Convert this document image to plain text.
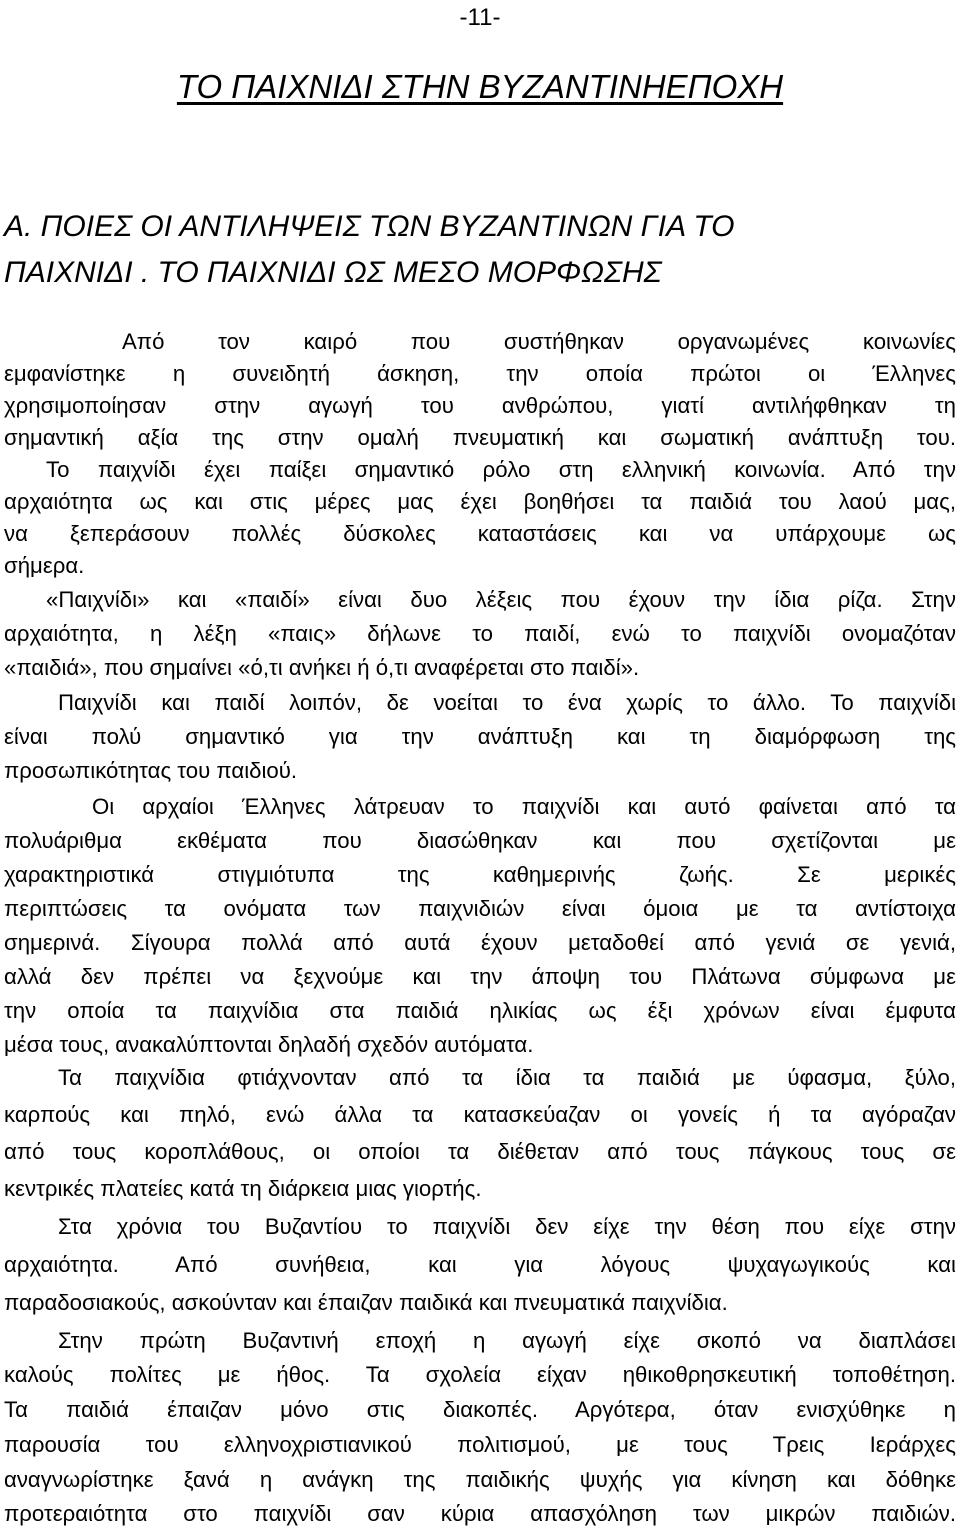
-11-
ΤΟ ΠΑΙΧΝΙΔΙ ΣΤΗΝ ΒΥΖΑΝΤΙΝΗΕΠΟΧΗ
Α. ΠΟΙΕΣ ΟΙ ΑΝΤΙΛΗΨΕΙΣ ΤΩΝ ΒΥΖΑΝΤΙΝΩΝ ΓΙΑ ΤΟ
ΠΑΙΧΝΙΔΙ . ΤΟ ΠΑΙΧΝΙΔΙ ΩΣ ΜΕΣΟ ΜΟΡΦΩΣΗΣ
Από τον καιρό που συστήθηκαν οργανωμένες κοινωνίες
εμφανίστηκε η συνειδητή άσκηση, την οποία πρώτοι οι Έλληνες
χρησιμοποίησαν στην αγωγή του ανθρώπου, γιατί αντιλήφθηκαν τη
σημαντική αξία της στην ομαλή πνευματική και σωματική ανάπτυξη του.
Το παιχνίδι έχει παίξει σημαντικό ρόλο στη ελληνική κοινωνία. Από την
αρχαιότητα ως και στις μέρες μας έχει βοηθήσει τα παιδιά του λαού μας,
να ξεπεράσουν πολλές δύσκολες καταστάσεις και να υπάρχουμε ως
σήμερα.
«Παιχνίδι» και «παιδί» είναι δυο λέξεις που έχουν την ίδια ρίζα. Στην
αρχαιότητα, η λέξη «παις» δήλωνε το παιδί, ενώ το παιχνίδι ονομαζόταν
«παιδιά», που σημαίνει «ό,τι ανήκει ή ό,τι αναφέρεται στο παιδί».
Παιχνίδι και παιδί λοιπόν, δε νοείται το ένα χωρίς το άλλο. Το παιχνίδι
είναι πολύ σημαντικό για την ανάπτυξη και τη διαμόρφωση της
προσωπικότητας του παιδιού.
Οι αρχαίοι Έλληνες λάτρευαν το παιχνίδι και αυτό φαίνεται από τα
πολυάριθμα εκθέματα που διασώθηκαν και που σχετίζονται με
χαρακτηριστικά στιγμιότυπα της καθημερινής ζωής. Σε μερικές
περιπτώσεις τα ονόματα των παιχνιδιών είναι όμοια με τα αντίστοιχα
σημερινά. Σίγουρα πολλά από αυτά έχουν μεταδοθεί από γενιά σε γενιά,
αλλά δεν πρέπει να ξεχνούμε και την άποψη του Πλάτωνα σύμφωνα με
την οποία τα παιχνίδια στα παιδιά ηλικίας ως έξι χρόνων είναι έμφυτα
μέσα τους, ανακαλύπτονται δηλαδή σχεδόν αυτόματα.
Τα παιχνίδια φτιάχνονταν από τα ίδια τα παιδιά με ύφασμα, ξύλο,
καρπούς και πηλό, ενώ άλλα τα κατασκεύαζαν οι γονείς ή τα αγόραζαν
από τους κοροπλάθους, οι οποίοι τα διέθεταν από τους πάγκους τους σε
κεντρικές πλατείες κατά τη διάρκεια μιας γιορτής.
Στα χρόνια του Βυζαντίου το παιχνίδι δεν είχε την θέση που είχε στην
αρχαιότητα. Από συνήθεια, και για λόγους ψυχαγωγικούς και
παραδοσιακούς, ασκούνταν και έπαιζαν παιδικά και πνευματικά παιχνίδια.
Στην πρώτη Βυζαντινή εποχή η αγωγή είχε σκοπό να διαπλάσει
καλούς πολίτες με ήθος. Τα σχολεία είχαν ηθικοθρησκευτική τοποθέτηση.
Τα παιδιά έπαιζαν μόνο στις διακοπές. Αργότερα, όταν ενισχύθηκε η
παρουσία του ελληνοχριστιανικού πολιτισμού, με τους Τρεις Ιεράρχες
αναγνωρίστηκε ξανά η ανάγκη της παιδικής ψυχής για κίνηση και δόθηκε
προτεραιότητα στο παιχνίδι σαν κύρια απασχόληση των μικρών παιδιών.
